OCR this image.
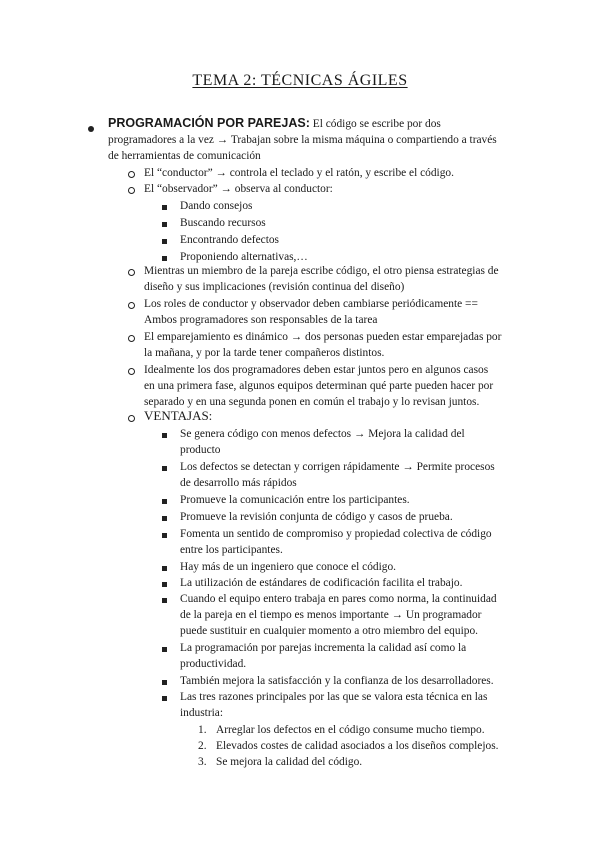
TEMA 2: TÉCNICAS ÁGILES
PROGRAMACIÓN POR PAREJAS: El código se escribe por dos
programadores a la vez → Trabajan sobre la misma máquina o compartiendo a través
de herramientas de comunicación
El “conductor” → controla el teclado y el ratón, y escribe el código.
El “observador” → observa al conductor:
Dando consejos
Buscando recursos
Encontrando defectos
Proponiendo alternativas,…
Mientras un miembro de la pareja escribe código, el otro piensa estrategias de
diseño y sus implicaciones (revisión continua del diseño)
Los roles de conductor y observador deben cambiarse periódicamente ==
Ambos programadores son responsables de la tarea
El emparejamiento es dinámico → dos personas pueden estar emparejadas por
la mañana, y por la tarde tener compañeros distintos.
Idealmente los dos programadores deben estar juntos pero en algunos casos
en una primera fase, algunos equipos determinan qué parte pueden hacer por
separado y en una segunda ponen en común el trabajo y lo revisan juntos.
VENTAJAS:
Se genera código con menos defectos → Mejora la calidad del
producto
Los defectos se detectan y corrigen rápidamente → Permite procesos
de desarrollo más rápidos
Promueve la comunicación entre los participantes.
Promueve la revisión conjunta de código y casos de prueba.
Fomenta un sentido de compromiso y propiedad colectiva de código
entre los participantes.
Hay más de un ingeniero que conoce el código.
La utilización de estándares de codificación facilita el trabajo.
Cuando el equipo entero trabaja en pares como norma, la continuidad
de la pareja en el tiempo es menos importante → Un programador
puede sustituir en cualquier momento a otro miembro del equipo.
La programación por parejas incrementa la calidad así como la
productividad.
También mejora la satisfacción y la confianza de los desarrolladores.
Las tres razones principales por las que se valora esta técnica en las
industria:
1. Arreglar los defectos en el código consume mucho tiempo.
2. Elevados costes de calidad asociados a los diseños complejos.
3. Se mejora la calidad del código.
